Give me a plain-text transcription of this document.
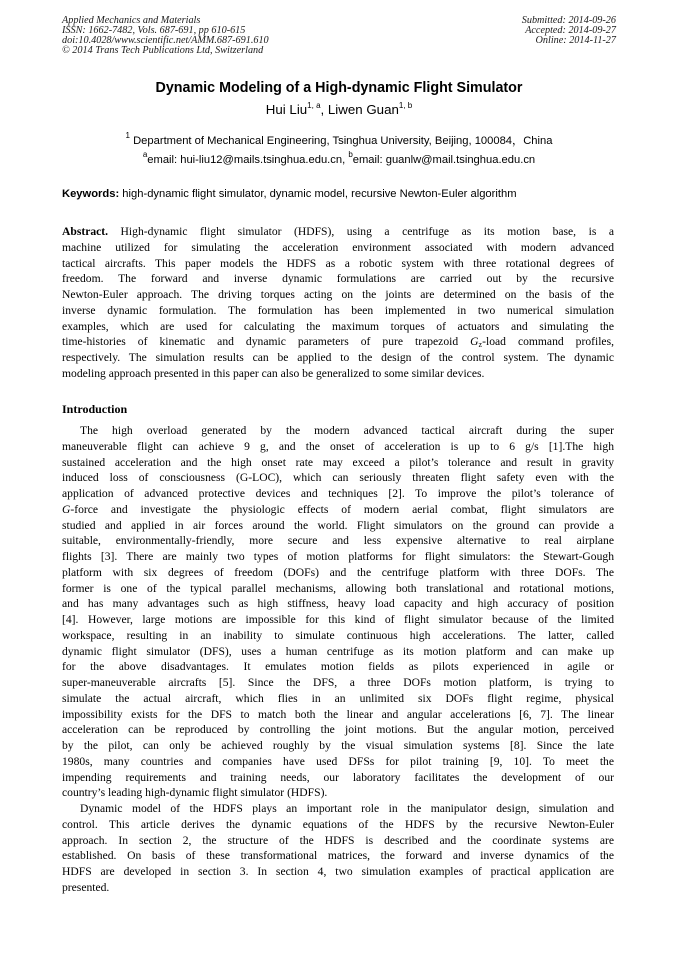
Applied Mechanics and Materials
ISSN: 1662-7482, Vols. 687-691, pp 610-615
doi:10.4028/www.scientific.net/AMM.687-691.610
© 2014 Trans Tech Publications Ltd, Switzerland
Submitted: 2014-09-26
Accepted: 2014-09-27
Online: 2014-11-27
Dynamic Modeling of a High-dynamic Flight Simulator
Hui Liu$^{1, a}$, Liwen Guan$^{1, b}$
$^1$ Department of Mechanical Engineering, Tsinghua University, Beijing, 100084，China
$^a$email: hui-liu12@mails.tsinghua.edu.cn, $^b$email: guanlw@mail.tsinghua.edu.cn
Keywords: high-dynamic flight simulator, dynamic model, recursive Newton-Euler algorithm
Abstract. High-dynamic flight simulator (HDFS), using a centrifuge as its motion base, is a
machine utilized for simulating the acceleration environment associated with modern advanced
tactical aircrafts. This paper models the HDFS as a robotic system with three rotational degrees of
freedom. The forward and inverse dynamic formulations are carried out by the recursive
Newton-Euler approach. The driving torques acting on the joints are determined on the basis of the
inverse dynamic formulation. The formulation has been implemented in two numerical simulation
examples, which are used for calculating the maximum torques of actuators and simulating the
time-histories of kinematic and dynamic parameters of pure trapezoid $G_z$-load command profiles,
respectively. The simulation results can be applied to the design of the control system. The dynamic
modeling approach presented in this paper can also be generalized to some similar devices.
Introduction
The high overload generated by the modern advanced tactical aircraft during the super
maneuverable flight can achieve 9 g, and the onset of acceleration is up to 6 g/s [1].The high
sustained acceleration and the high onset rate may exceed a pilot’s tolerance and result in gravity
induced loss of consciousness (G-LOC), which can seriously threaten flight safety even with the
application of advanced protective devices and techniques [2]. To improve the pilot’s tolerance of
G-force and investigate the physiologic effects of modern aerial combat, flight simulators are
studied and applied in air forces around the world. Flight simulators on the ground can provide a
suitable, environmentally-friendly, more secure and less expensive alternative to real airplane
flights [3]. There are mainly two types of motion platforms for flight simulators: the Stewart-Gough
platform with six degrees of freedom (DOFs) and the centrifuge platform with three DOFs. The
former is one of the typical parallel mechanisms, allowing both translational and rotational motions,
and has many advantages such as high stiffness, heavy load capacity and high accuracy of position
[4]. However, large motions are impossible for this kind of flight simulator because of the limited
workspace, resulting in an inability to simulate continuous high accelerations. The latter, called
dynamic flight simulator (DFS), uses a human centrifuge as its motion platform and can make up
for the above disadvantages. It emulates motion fields as pilots experienced in agile or
super-maneuverable aircrafts [5]. Since the DFS, a three DOFs motion platform, is trying to
simulate the actual aircraft, which flies in an unlimited six DOFs flight regime, physical
impossibility exists for the DFS to match both the linear and angular accelerations [6, 7]. The linear
acceleration can be reproduced by controlling the joint motions. But the angular motion, perceived
by the pilot, can only be achieved roughly by the visual simulation systems [8]. Since the late
1980s, many countries and companies have used DFSs for pilot training [9, 10]. To meet the
impending requirements and training needs, our laboratory facilitates the development of our
country’s leading high-dynamic flight simulator (HDFS).
Dynamic model of the HDFS plays an important role in the manipulator design, simulation and
control. This article derives the dynamic equations of the HDFS by the recursive Newton-Euler
approach. In section 2, the structure of the HDFS is described and the coordinate systems are
established. On basis of these transformational matrices, the forward and inverse dynamics of the
HDFS are developed in section 3. In section 4, two simulation examples of practical application are
presented.
